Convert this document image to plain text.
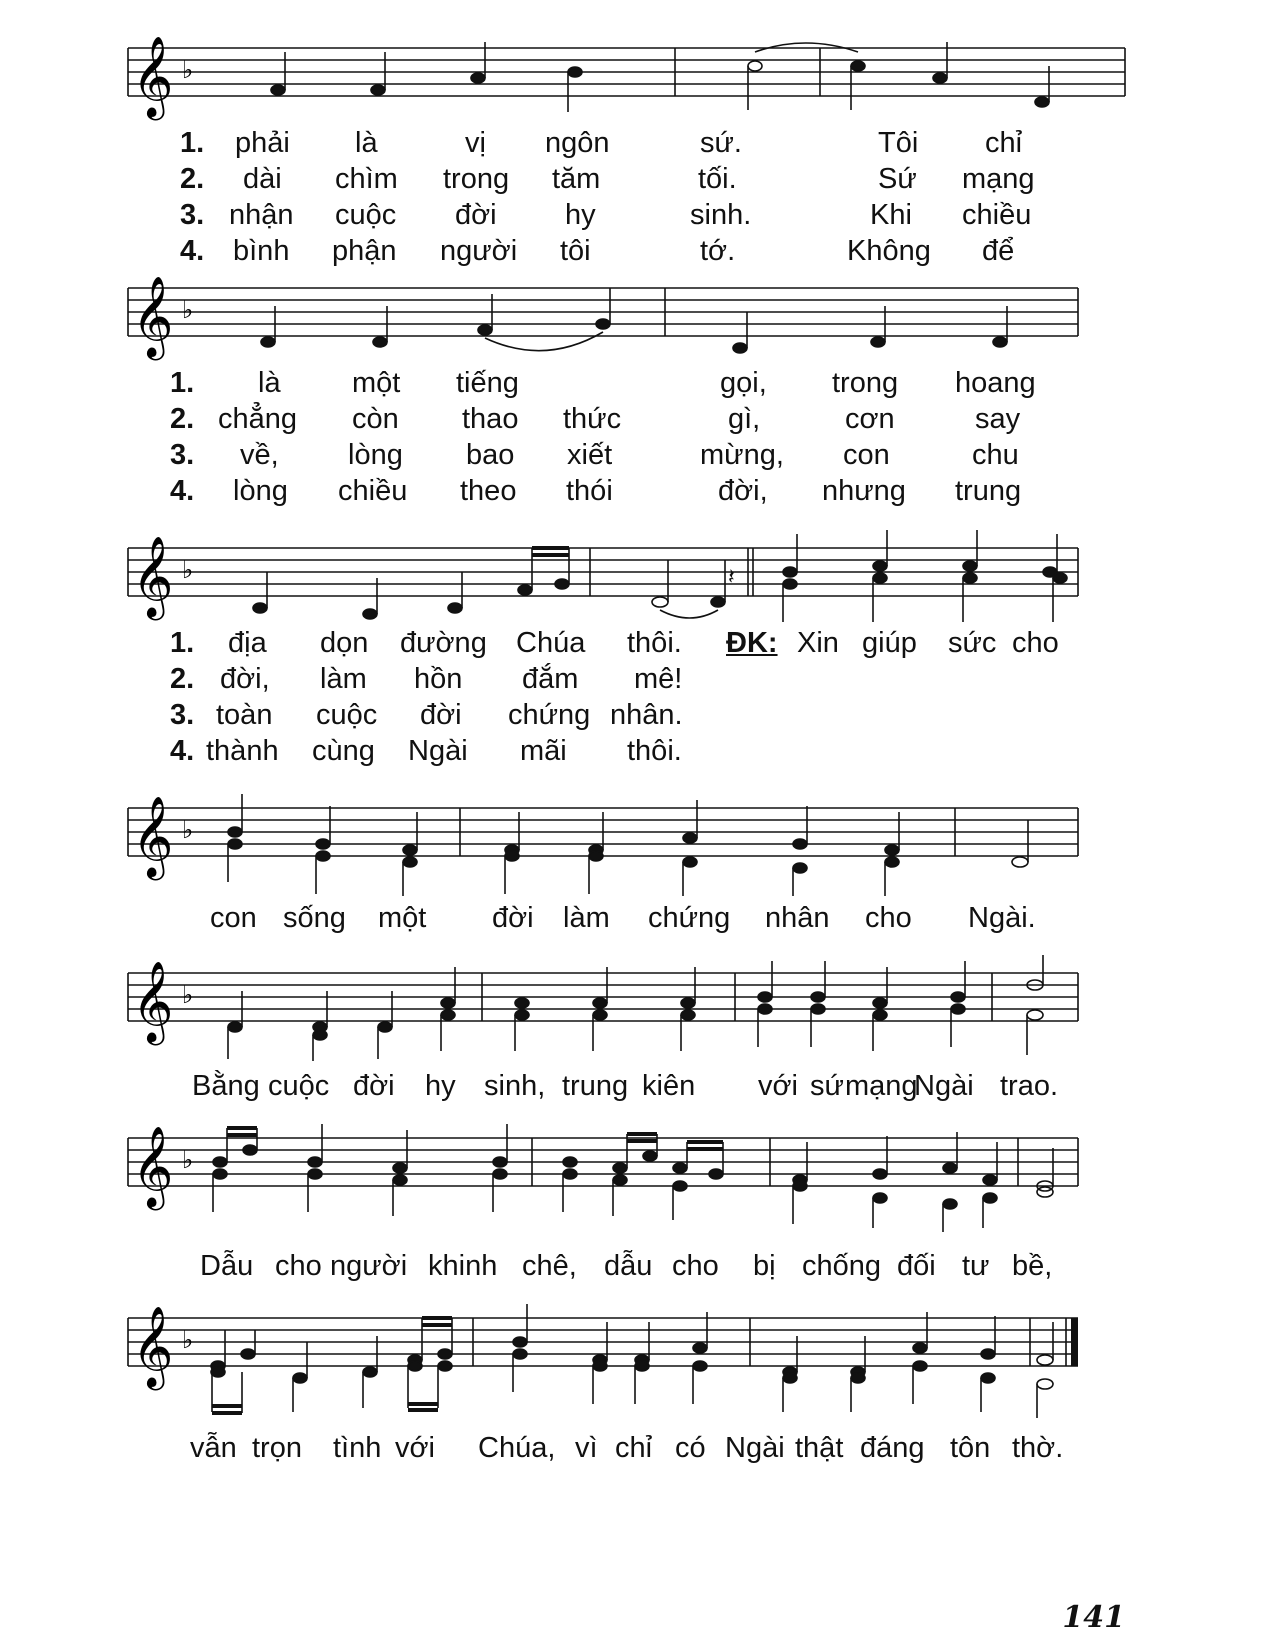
𝄞 ♭
1. phải là	vị ngôn	sứ.	Tôi chỉ
2. dài chìm trong tăm	tối.	Sứ mạng
3. nhận cuộc đời hy	sinh.	Khi chiều
4. bình phận người tôi	tớ.	Không để
𝄞 ♭
1. là một tiếng	gọi, trong hoang
2. chẳng còn thao thức	gì,	cơn	say
3. về, lòng bao xiết	mừng, con	chu
4. lòng chiều theo thói	đời, nhưng trung
𝄞 ♭	𝄽
1. địa dọn đường Chúa thôi. ĐK: Xin giúp sức cho
2. đời, làm hồn đắm mê!
3. toàn cuộc đời chứng nhân.
4. thành cùng Ngài mãi thôi.
𝄞 ♭
con sống một đời làm chứng nhân cho Ngài.
𝄞 ♭
Bằng cuộc đời hy sinh, trung kiên với sứ mạng
Ngài trao.
𝄞 ♭
Dẫu cho người khinh chê, dẫu cho bị chống đối tư bề,
𝄞 ♭
vẫn trọn tình với Chúa, vì chỉ có Ngài thật đáng tôn thờ.
141
